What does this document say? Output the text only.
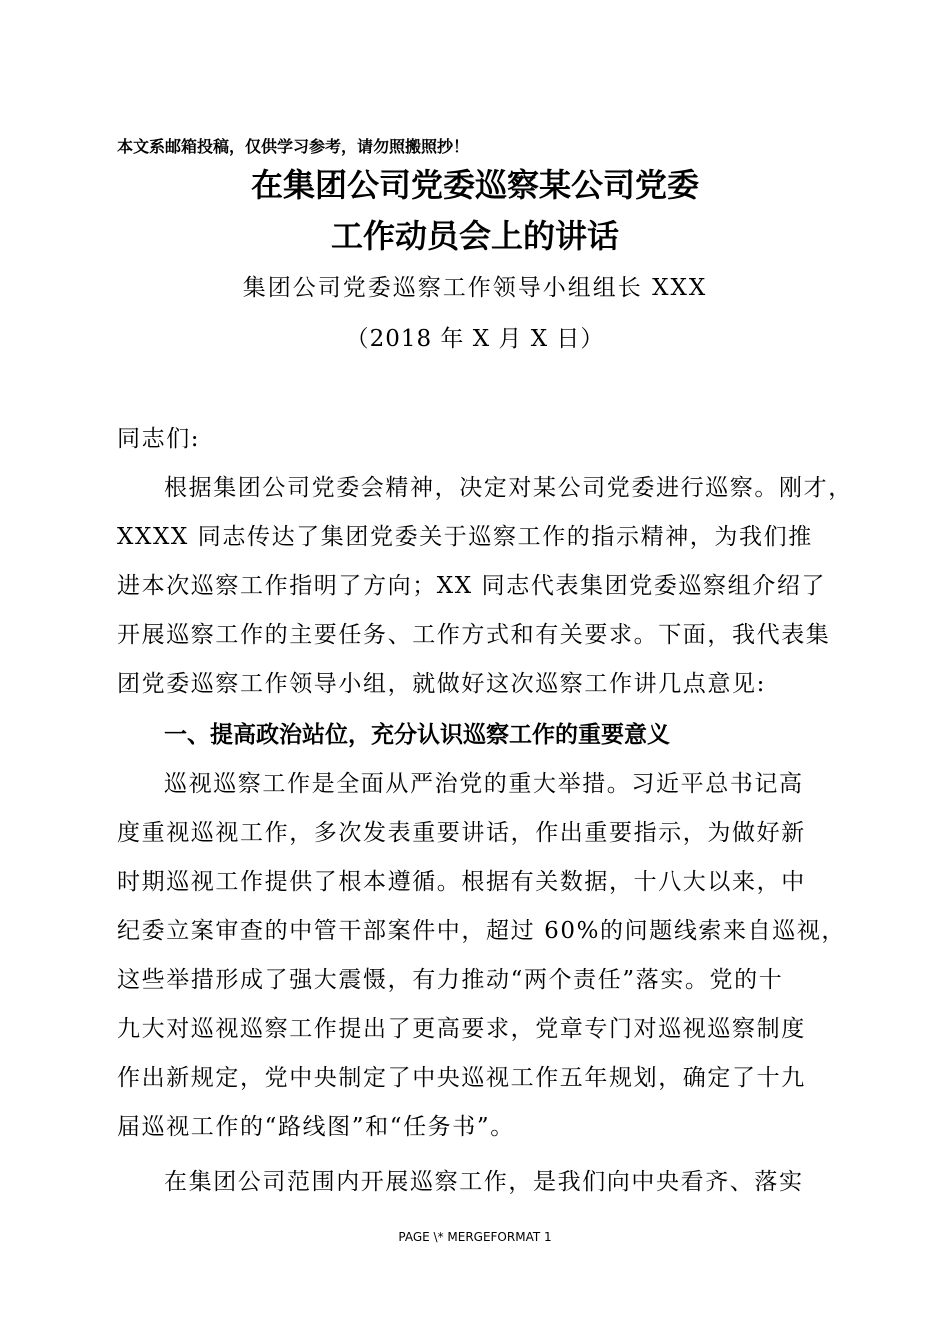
本文系邮箱投稿，仅供学习参考，请勿照搬照抄！
在集团公司党委巡察某公司党委
工作动员会上的讲话
集团公司党委巡察工作领导小组组长 XXX
（2018 年 X 月 X 日）
同志们:
根据集团公司党委会精神，决定对某公司党委进行巡察。刚才，
XXXX 同志传达了集团党委关于巡察工作的指示精神，为我们推
进本次巡察工作指明了方向；XX 同志代表集团党委巡察组介绍了
开展巡察工作的主要任务、工作方式和有关要求。下面，我代表集
团党委巡察工作领导小组，就做好这次巡察工作讲几点意见:
一、提高政治站位，充分认识巡察工作的重要意义
巡视巡察工作是全面从严治党的重大举措。习近平总书记高
度重视巡视工作，多次发表重要讲话，作出重要指示，为做好新
时期巡视工作提供了根本遵循。根据有关数据，十八大以来，中
纪委立案审查的中管干部案件中，超过 60%的问题线索来自巡视，
这些举措形成了强大震慑，有力推动“两个责任”落实。党的十
九大对巡视巡察工作提出了更高要求，党章专门对巡视巡察制度
作出新规定，党中央制定了中央巡视工作五年规划，确定了十九
届巡视工作的“路线图”和“任务书”。
在集团公司范围内开展巡察工作，是我们向中央看齐、落实
PAGE \* MERGEFORMAT 1
